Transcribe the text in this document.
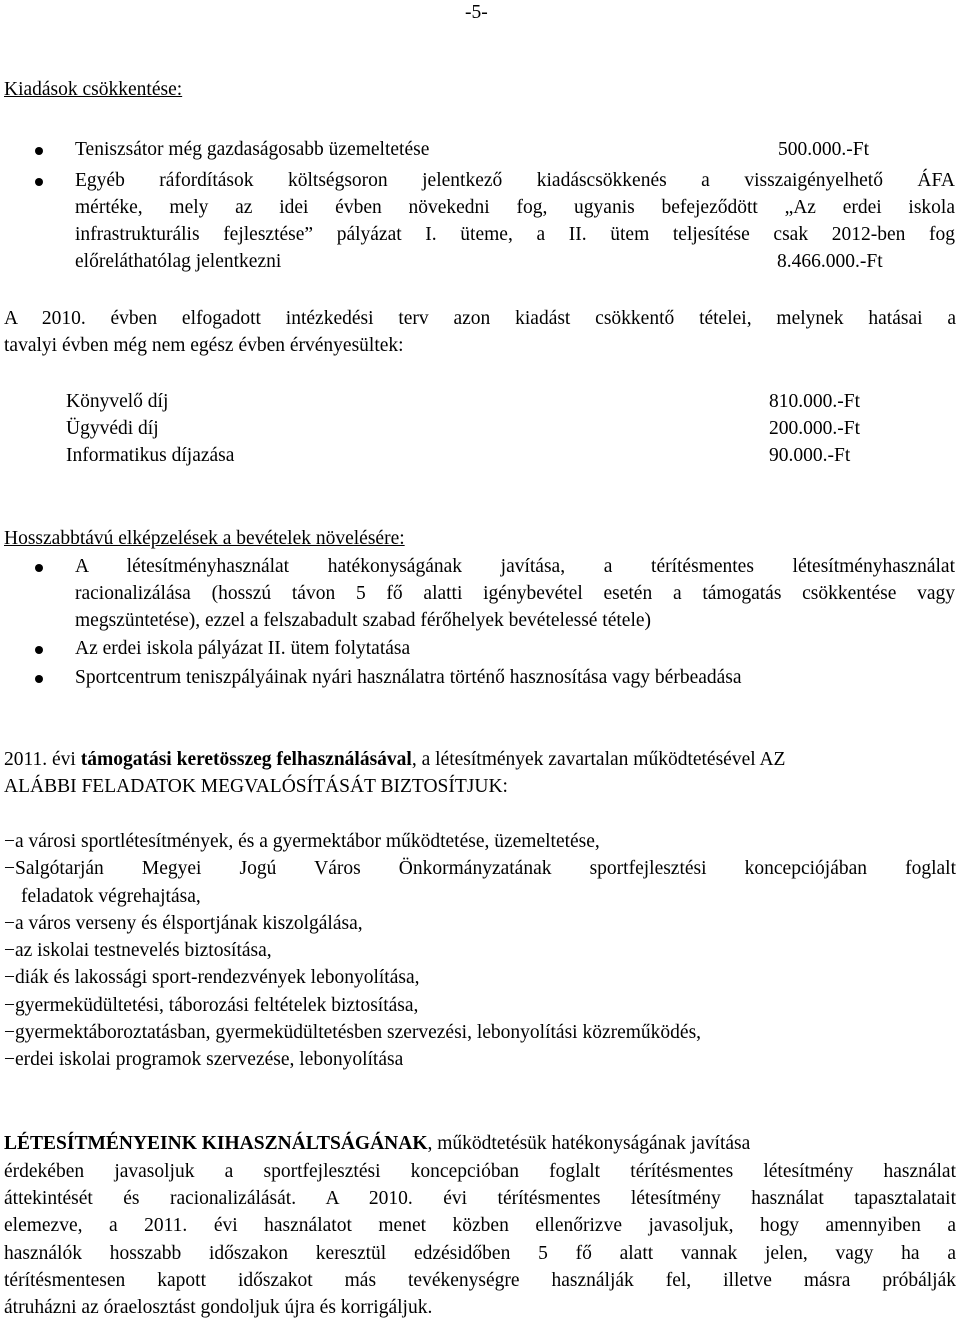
-5-
Kiadások csökkentése:
Teniszsátor még gazdaságosabb üzemeltetése	500.000.-Ft
Egyéb ráfordítások költségsoron jelentkező kiadáscsökkenés a visszaigényelhető ÁFA
mértéke, mely az idei évben növekedni fog, ugyanis befejeződött „Az erdei iskola
infrastrukturális fejlesztése” pályázat I. üteme, a II. ütem teljesítése csak 2012-ben fog
előreláthatólag jelentkezni	8.466.000.-Ft
A 2010. évben elfogadott intézkedési terv azon kiadást csökkentő tételei, melynek hatásai a
tavalyi évben még nem egész évben érvényesültek:
Könyvelő díj	810.000.-Ft
Ügyvédi díj	200.000.-Ft
Informatikus díjazása	90.000.-Ft
Hosszabbtávú elképzelések a bevételek növelésére:
A létesítményhasználat hatékonyságának javítása, a térítésmentes létesítményhasználat
racionalizálása (hosszú távon 5 fő alatti igénybevétel esetén a támogatás csökkentése vagy
megszüntetése), ezzel a felszabadult szabad férőhelyek bevételessé tétele)
Az erdei iskola pályázat II. ütem folytatása
Sportcentrum teniszpályáinak nyári használatra történő hasznosítása vagy bérbeadása
2011. évi támogatási keretösszeg felhasználásával , a létesítmények zavartalan működtetésével AZ
ALÁBBI FELADATOK MEGVALÓSÍTÁSÁT BIZTOSÍTJUK:
−a városi sportlétesítmények, és a gyermektábor működtetése, üzemeltetése,
−Salgótarján Megyei Jogú Város Önkormányzatának sportfejlesztési koncepciójában foglalt
feladatok végrehajtása,
−a város verseny és élsportjának kiszolgálása,
−az iskolai testnevelés biztosítása,
−diák és lakossági sport-rendezvények lebonyolítása,
−gyermeküdültetési, táborozási feltételek biztosítása,
−gyermektáboroztatásban, gyermeküdültetésben szervezési, lebonyolítási közreműködés,
−erdei iskolai programok szervezése, lebonyolítása
LÉTESÍTMÉNYEINK KIHASZNÁLTSÁGÁNAK, működtetésük hatékonyságának javítása
érdekében javasoljuk a sportfejlesztési koncepcióban foglalt térítésmentes létesítmény használat
áttekintését és racionalizálását. A 2010. évi térítésmentes létesítmény használat tapasztalatait
elemezve, a 2011. évi használatot menet közben ellenőrizve javasoljuk, hogy amennyiben a
használók hosszabb időszakon keresztül edzésidőben 5 fő alatt vannak jelen, vagy ha a
térítésmentesen kapott időszakot más tevékenységre használják fel, illetve másra próbálják
átruházni az óraelosztást gondoljuk újra és korrigáljuk.
